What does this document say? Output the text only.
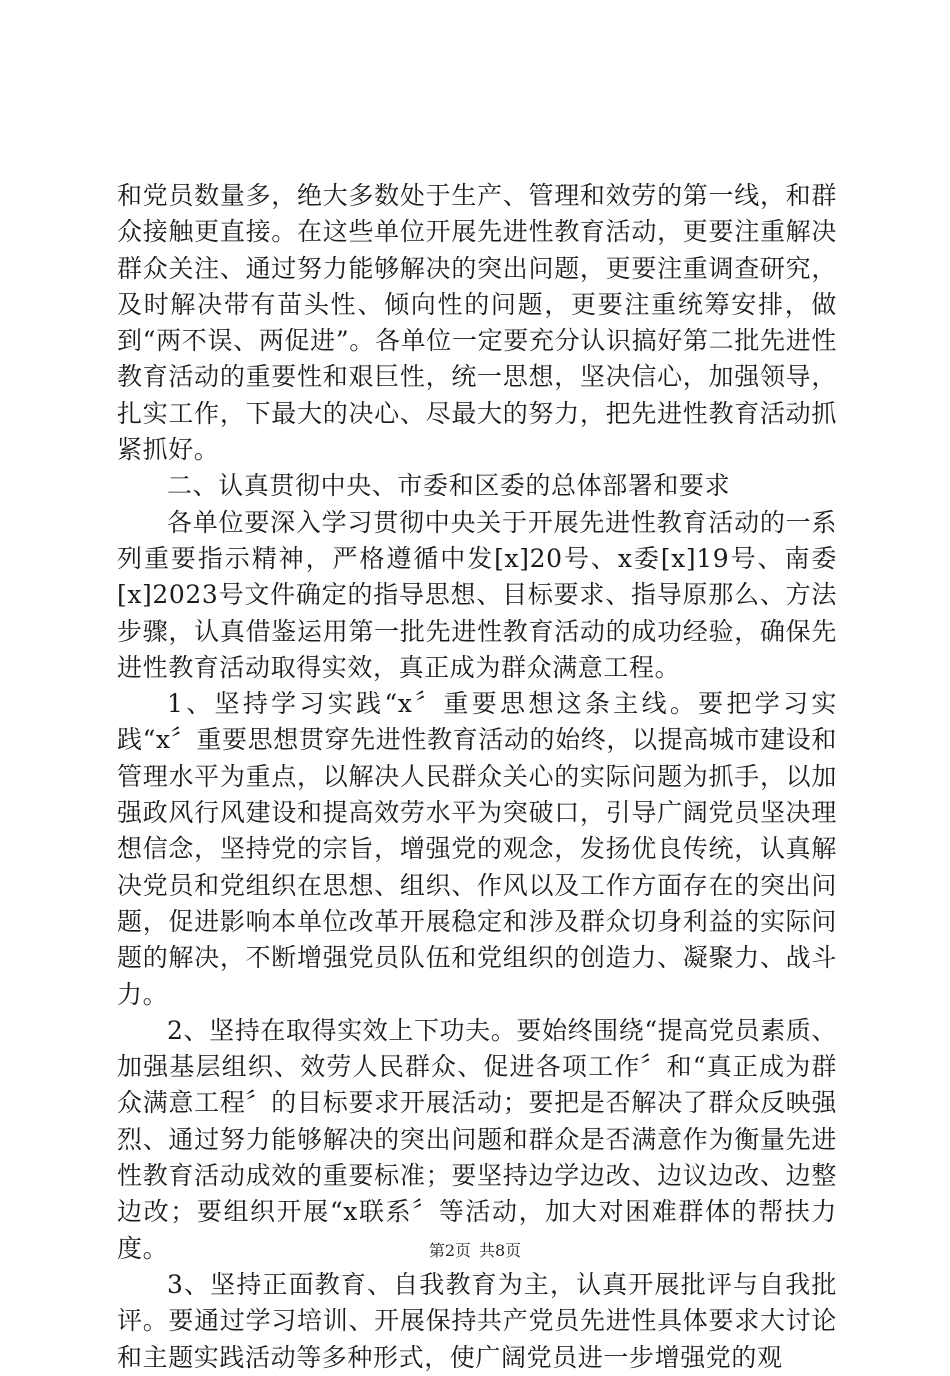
和党员数量多，绝大多数处于生产、管理和效劳的第一线，和群众接触更直接。在这些单位开展先进性教育活动，更要注重解决群众关注、通过努力能够解决的突出问题，更要注重调查研究，及时解决带有苗头性、倾向性的问题，更要注重统筹安排，做到“两不误、两促进”。各单位一定要充分认识搞好第二批先进性教育活动的重要性和艰巨性，统一思想，坚决信心，加强领导，扎实工作，下最大的决心、尽最大的努力，把先进性教育活动抓紧抓好。

二、认真贯彻中央、市委和区委的总体部署和要求

各单位要深入学习贯彻中央关于开展先进性教育活动的一系列重要指示精神，严格遵循中发[x]20号、x委[x]19号、南委[x]2023号文件确定的指导思想、目标要求、指导原那么、方法步骤，认真借鉴运用第一批先进性教育活动的成功经验，确保先进性教育活动取得实效，真正成为群众满意工程。

1、坚持学习实践“x〞重要思想这条主线。要把学习实践“x〞重要思想贯穿先进性教育活动的始终，以提高城市建设和管理水平为重点，以解决人民群众关心的实际问题为抓手，以加强政风行风建设和提高效劳水平为突破口，引导广阔党员坚决理想信念，坚持党的宗旨，增强党的观念，发扬优良传统，认真解决党员和党组织在思想、组织、作风以及工作方面存在的突出问题，促进影响本单位改革开展稳定和涉及群众切身利益的实际问题的解决，不断增强党员队伍和党组织的创造力、凝聚力、战斗力。

2、坚持在取得实效上下功夫。要始终围绕“提高党员素质、加强基层组织、效劳人民群众、促进各项工作〞和“真正成为群众满意工程〞的目标要求开展活动；要把是否解决了群众反映强烈、通过努力能够解决的突出问题和群众是否满意作为衡量先进性教育活动成效的重要标准；要坚持边学边改、边议边改、边整边改；要组织开展“x联系〞等活动，加大对困难群体的帮扶力度。

3、坚持正面教育、自我教育为主，认真开展批评与自我批评。要通过学习培训、开展保持共产党员先进性具体要求大讨论和主题实践活动等多种形式，使广阔党员进一步增强党的观

第2页 共8页
